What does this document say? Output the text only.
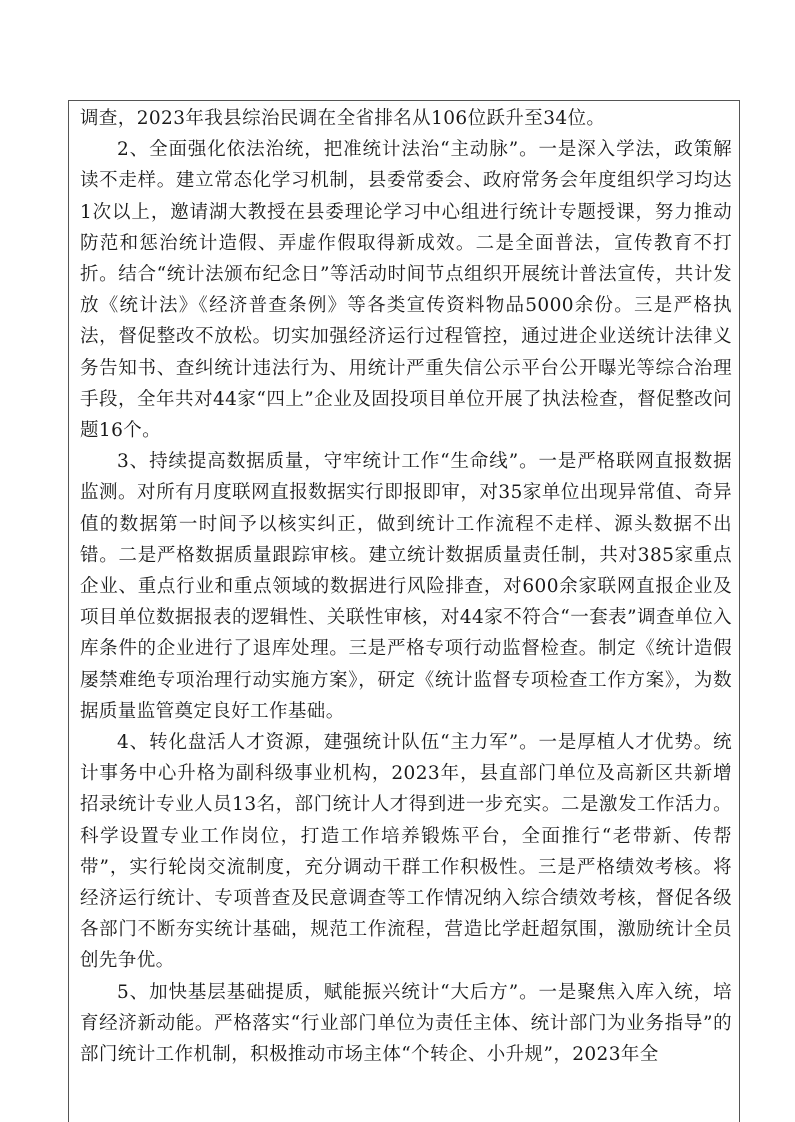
调查，2023年我县综治民调在全省排名从106位跃升至34位。

2、全面强化依法治统，把准统计法治“主动脉”。一是深入学法，政策解读不走样。建立常态化学习机制，县委常委会、政府常务会年度组织学习均达1次以上，邀请湖大教授在县委理论学习中心组进行统计专题授课，努力推动防范和惩治统计造假、弄虚作假取得新成效。二是全面普法，宣传教育不打折。结合“统计法颁布纪念日”等活动时间节点组织开展统计普法宣传，共计发放《统计法》《经济普查条例》等各类宣传资料物品5000余份。三是严格执法，督促整改不放松。切实加强经济运行过程管控，通过进企业送统计法律义务告知书、查纠统计违法行为、用统计严重失信公示平台公开曝光等综合治理手段，全年共对44家“四上”企业及固投项目单位开展了执法检查，督促整改问题16个。

3、持续提高数据质量，守牢统计工作“生命线”。一是严格联网直报数据监测。对所有月度联网直报数据实行即报即审，对35家单位出现异常值、奇异值的数据第一时间予以核实纠正，做到统计工作流程不走样、源头数据不出错。二是严格数据质量跟踪审核。建立统计数据质量责任制，共对385家重点企业、重点行业和重点领域的数据进行风险排查，对600余家联网直报企业及项目单位数据报表的逻辑性、关联性审核，对44家不符合“一套表”调查单位入库条件的企业进行了退库处理。三是严格专项行动监督检查。制定《统计造假屡禁难绝专项治理行动实施方案》，研定《统计监督专项检查工作方案》，为数据质量监管奠定良好工作基础。

4、转化盘活人才资源，建强统计队伍“主力军”。一是厚植人才优势。统计事务中心升格为副科级事业机构，2023年，县直部门单位及高新区共新增招录统计专业人员13名，部门统计人才得到进一步充实。二是激发工作活力。科学设置专业工作岗位，打造工作培养锻炼平台，全面推行“老带新、传帮带”，实行轮岗交流制度，充分调动干群工作积极性。三是严格绩效考核。将经济运行统计、专项普查及民意调查等工作情况纳入综合绩效考核，督促各级各部门不断夯实统计基础，规范工作流程，营造比学赶超氛围，激励统计全员创先争优。

5、加快基层基础提质，赋能振兴统计“大后方”。一是聚焦入库入统，培育经济新动能。严格落实“行业部门单位为责任主体、统计部门为业务指导”的部门统计工作机制，积极推动市场主体“个转企、小升规”，2023年全
